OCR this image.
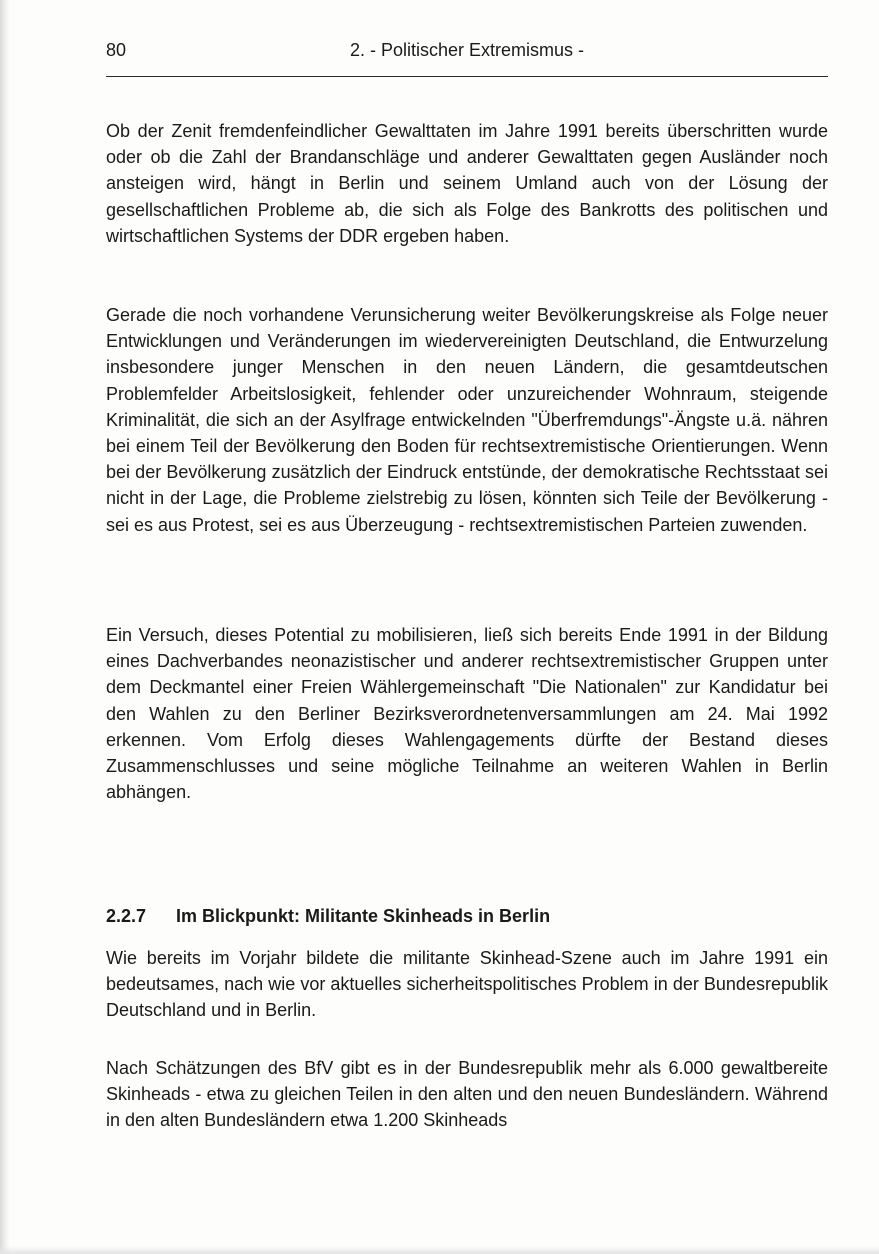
80	2. - Politischer Extremismus -

Ob der Zenit fremdenfeindlicher Gewalttaten im Jahre 1991 bereits überschritten wurde oder ob die Zahl der Brandanschläge und anderer Gewalttaten gegen Ausländer noch ansteigen wird, hängt in Berlin und seinem Umland auch von der Lösung der gesellschaftlichen Probleme ab, die sich als Folge des Bankrotts des politischen und wirtschaftlichen Systems der DDR ergeben haben.

Gerade die noch vorhandene Verunsicherung weiter Bevölkerungskreise als Folge neuer Entwicklungen und Veränderungen im wiedervereinigten Deutschland, die Entwurzelung insbesondere junger Menschen in den neuen Ländern, die gesamtdeutschen Problemfelder Arbeitslosigkeit, fehlender oder unzureichender Wohnraum, steigende Kriminalität, die sich an der Asylfrage entwickelnden "Überfremdungs"-Ängste u.ä. nähren bei einem Teil der Bevölkerung den Boden für rechtsextremistische Orientierungen. Wenn bei der Bevölkerung zusätzlich der Eindruck entstünde, der demokratische Rechtsstaat sei nicht in der Lage, die Probleme zielstrebig zu lösen, könnten sich Teile der Bevölkerung - sei es aus Protest, sei es aus Überzeugung - rechtsextremistischen Parteien zuwenden.

Ein Versuch, dieses Potential zu mobilisieren, ließ sich bereits Ende 1991 in der Bildung eines Dachverbandes neonazistischer und anderer rechtsextremistischer Gruppen unter dem Deckmantel einer Freien Wählergemeinschaft "Die Nationalen" zur Kandidatur bei den Wahlen zu den Berliner Bezirksverordnetenversammlungen am 24. Mai 1992 erkennen. Vom Erfolg dieses Wahlengagements dürfte der Bestand dieses Zusammenschlusses und seine mögliche Teilnahme an weiteren Wahlen in Berlin abhängen.

2.2.7 Im Blickpunkt: Militante Skinheads in Berlin

Wie bereits im Vorjahr bildete die militante Skinhead-Szene auch im Jahre 1991 ein bedeutsames, nach wie vor aktuelles sicherheitspolitisches Problem in der Bundesrepublik Deutschland und in Berlin.

Nach Schätzungen des BfV gibt es in der Bundesrepublik mehr als 6.000 gewaltbereite Skinheads - etwa zu gleichen Teilen in den alten und den neuen Bundesländern. Während in den alten Bundesländern etwa 1.200 Skinheads
